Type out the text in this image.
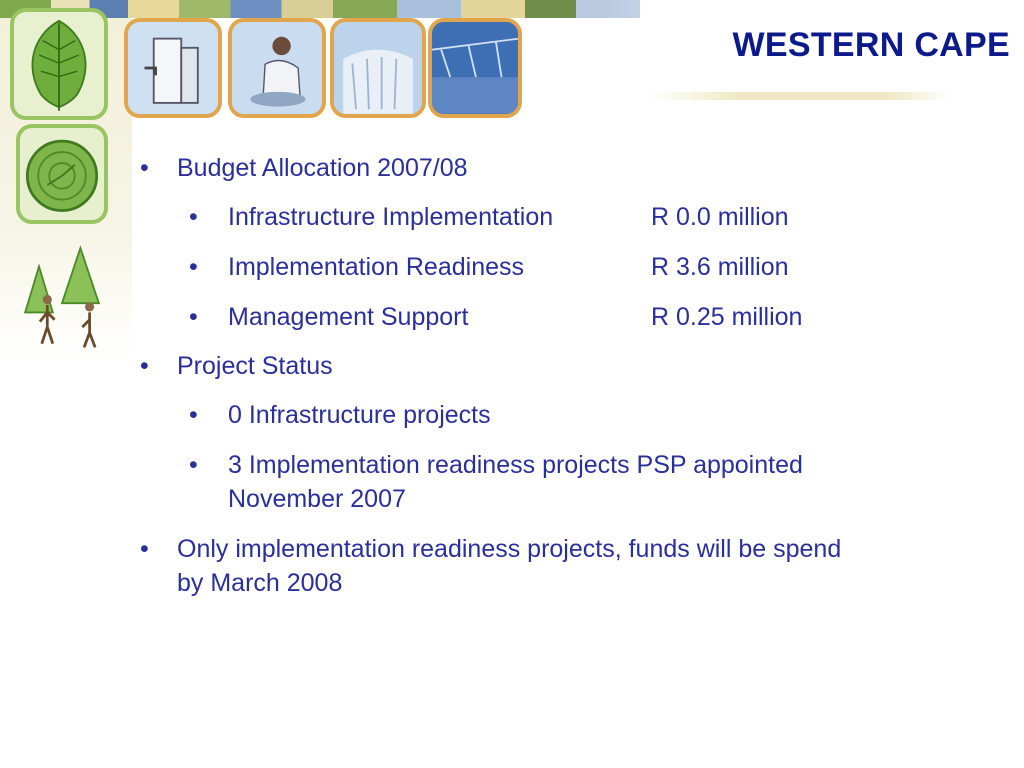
WESTERN CAPE
•	Budget Allocation 2007/08
•	Infrastructure Implementation	R 0.0 million
•	Implementation Readiness	R 3.6 million
•	Management Support	R 0.25 million
•	Project Status
•	0 Infrastructure projects
•	3 Implementation readiness projects PSP appointed
November 2007
•	Only implementation readiness projects, funds will be spend
by March 2008
